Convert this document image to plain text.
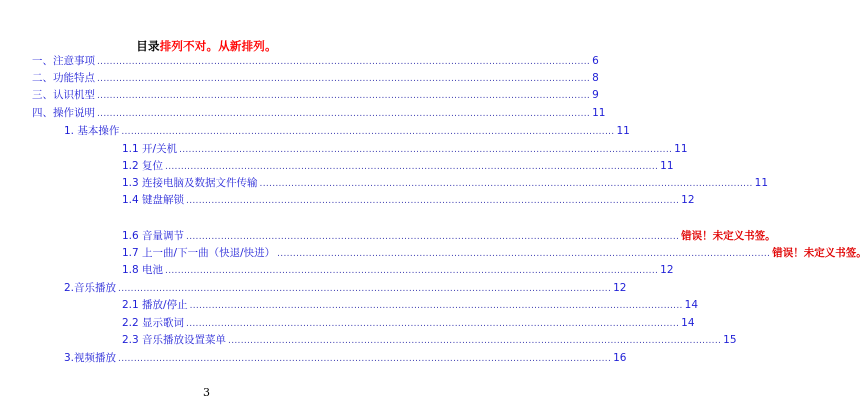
目录排列不对。从新排列。
一、注意事项 ............................................................................................................................................................ 6
二、功能特点 ............................................................................................................................................................ 8
三、认识机型 ............................................................................................................................................................ 9
四、操作说明 ............................................................................................................................................................ 11
1. 基本操作 ............................................................................................................................................................ 11
1.1 开/关机 ............................................................................................................................................................ 11
1.2 复位 ............................................................................................................................................................ 11
1.3 连接电脑及数据文件传输 ............................................................................................................................................................ 11
1.4 键盘解锁 ............................................................................................................................................................ 12
1.6 音量调节 ............................................................................................................................................................ 错误！未定义书签。
1.7 上一曲/下一曲（快退/快进） ............................................................................................................................................................ 错误！未定义书签。
1.8 电池 ............................................................................................................................................................ 12
2.音乐播放 ............................................................................................................................................................ 12
2.1 播放/停止 ............................................................................................................................................................ 14
2.2 显示歌词 ............................................................................................................................................................ 14
2.3 音乐播放设置菜单 ............................................................................................................................................................ 15
3.视频播放 ............................................................................................................................................................ 16
3
